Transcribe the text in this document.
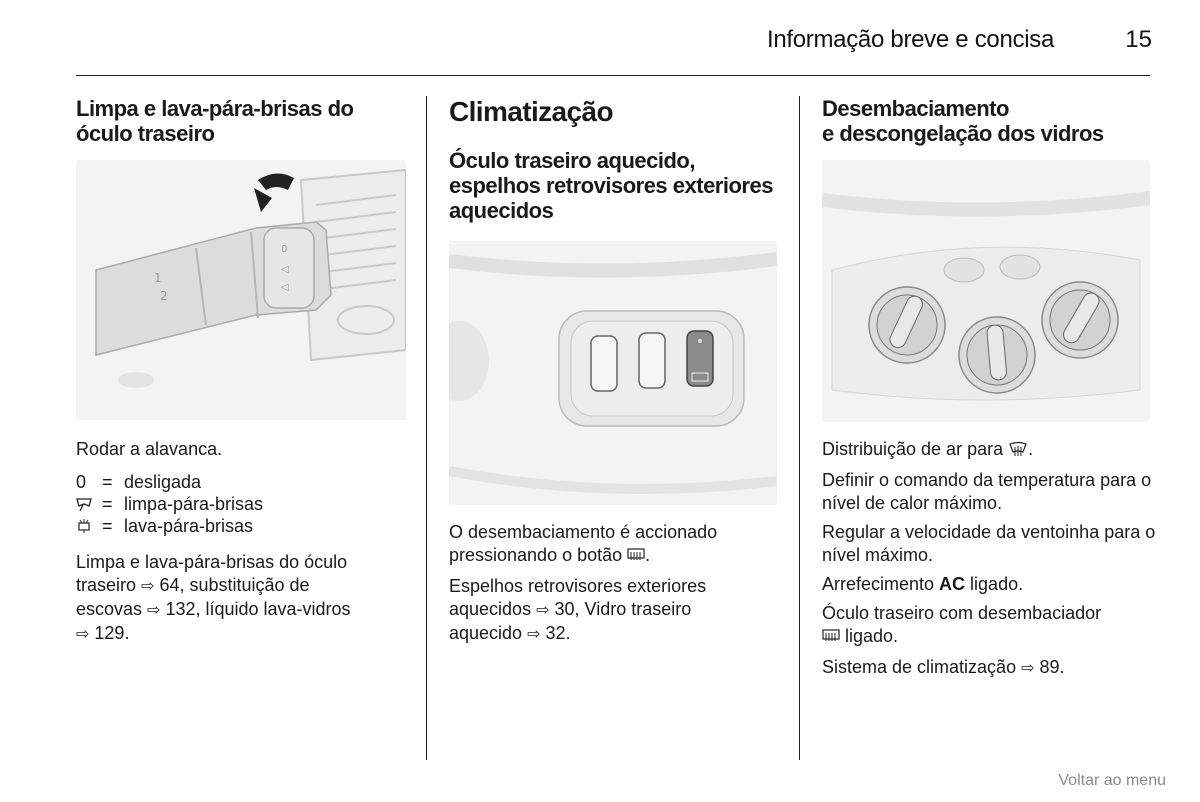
Informação breve e concisa	15
Limpa e lava-pára-brisas do óculo traseiro
0
◁
◁
1
2

Rodar a alavanca.

0 = desligada
= limpa-pára-brisas
= lava-pára-brisas

Limpa e lava-pára-brisas do óculo
traseiro ⇨ 64, substituição de
escovas ⇨ 132, líquido lava-vidros
⇨ 129.

Climatização
Óculo traseiro aquecido, espelhos retrovisores exteriores aquecidos

O desembaciamento é accionado
pressionando o botão .

Espelhos retrovisores exteriores
aquecidos ⇨ 30, Vidro traseiro
aquecido ⇨ 32.

Desembaciamento
e descongelação dos vidros

Distribuição de ar para .

Definir o comando da temperatura para o nível de calor máximo.

Regular a velocidade da ventoinha para o nível máximo.

Arrefecimento AC ligado.

Óculo traseiro com desembaciador
ligado.

Sistema de climatização ⇨ 89.

Voltar ao menu
